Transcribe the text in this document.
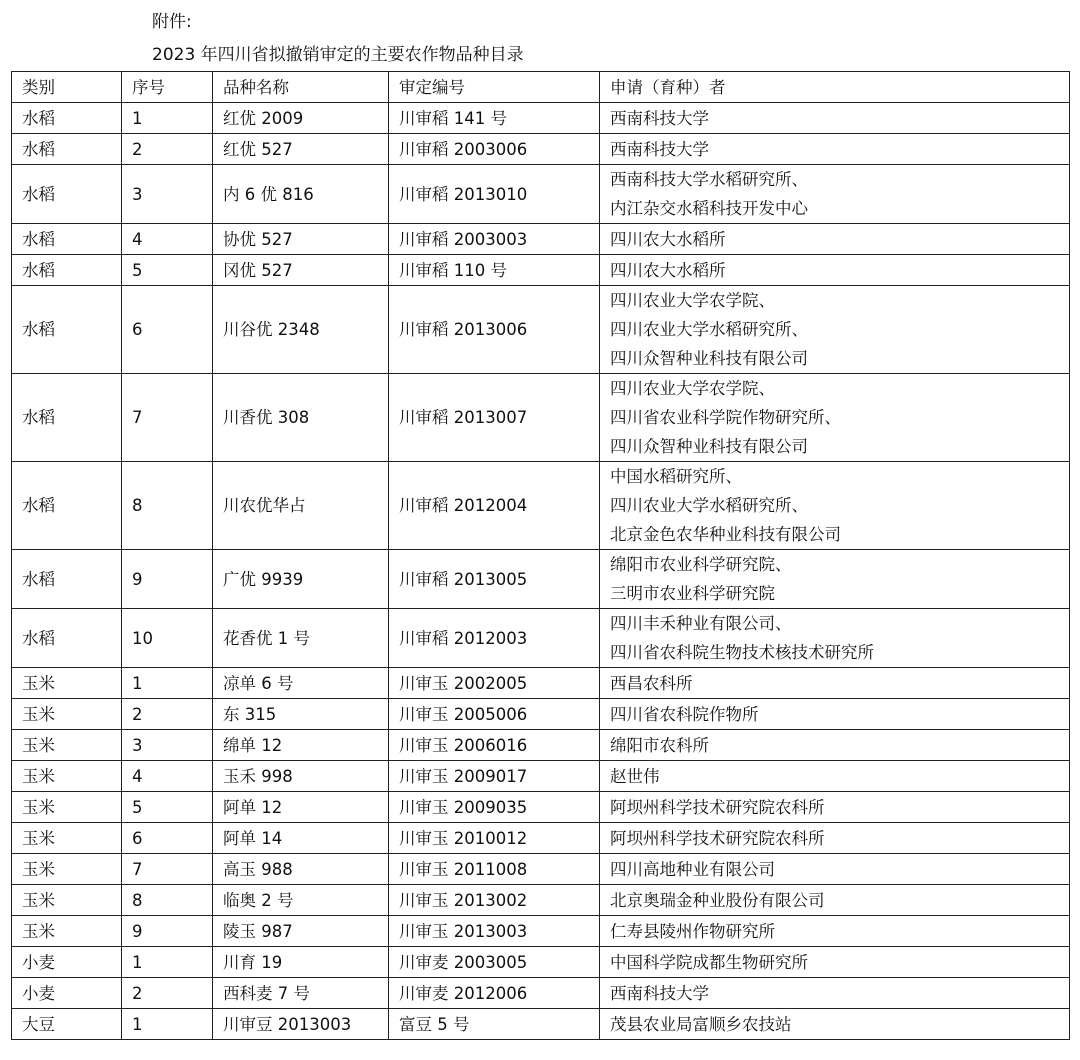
附件:
2023 年四川省拟撤销审定的主要农作物品种目录
类别	序号	品种名称	审定编号	申请（育种）者
水稻	1	红优 2009	川审稻 141 号	西南科技大学

水稻	2	红优 527	川审稻 2003006	西南科技大学

水稻	3	内 6 优 816	川审稻 2013010	西南科技大学水稻研究所、
内江杂交水稻科技开发中心

水稻	4	协优 527	川审稻 2003003	四川农大水稻所

水稻	5	冈优 527	川审稻 110 号	四川农大水稻所

水稻	6	川谷优 2348	川审稻 2013006	四川农业大学农学院、
四川农业大学水稻研究所、
四川众智种业科技有限公司

水稻	7	川香优 308	川审稻 2013007	四川农业大学农学院、
四川省农业科学院作物研究所、
四川众智种业科技有限公司

水稻	8	川农优华占	川审稻 2012004	中国水稻研究所、
四川农业大学水稻研究所、
北京金色农华种业科技有限公司

水稻	9	广优 9939	川审稻 2013005	绵阳市农业科学研究院、
三明市农业科学研究院

水稻	10	花香优 1 号	川审稻 2012003	四川丰禾种业有限公司、
四川省农科院生物技术核技术研究所

玉米	1	凉单 6 号	川审玉 2002005	西昌农科所

玉米	2	东 315	川审玉 2005006	四川省农科院作物所

玉米	3	绵单 12	川审玉 2006016	绵阳市农科所

玉米	4	玉禾 998	川审玉 2009017	赵世伟

玉米	5	阿单 12	川审玉 2009035	阿坝州科学技术研究院农科所

玉米	6	阿单 14	川审玉 2010012	阿坝州科学技术研究院农科所

玉米	7	高玉 988	川审玉 2011008	四川高地种业有限公司

玉米	8	临奥 2 号	川审玉 2013002	北京奥瑞金种业股份有限公司

玉米	9	陵玉 987	川审玉 2013003	仁寿县陵州作物研究所

小麦	1	川育 19	川审麦 2003005	中国科学院成都生物研究所

小麦	2	西科麦 7 号	川审麦 2012006	西南科技大学

大豆	1	川审豆 2013003	富豆 5 号	茂县农业局富顺乡农技站
